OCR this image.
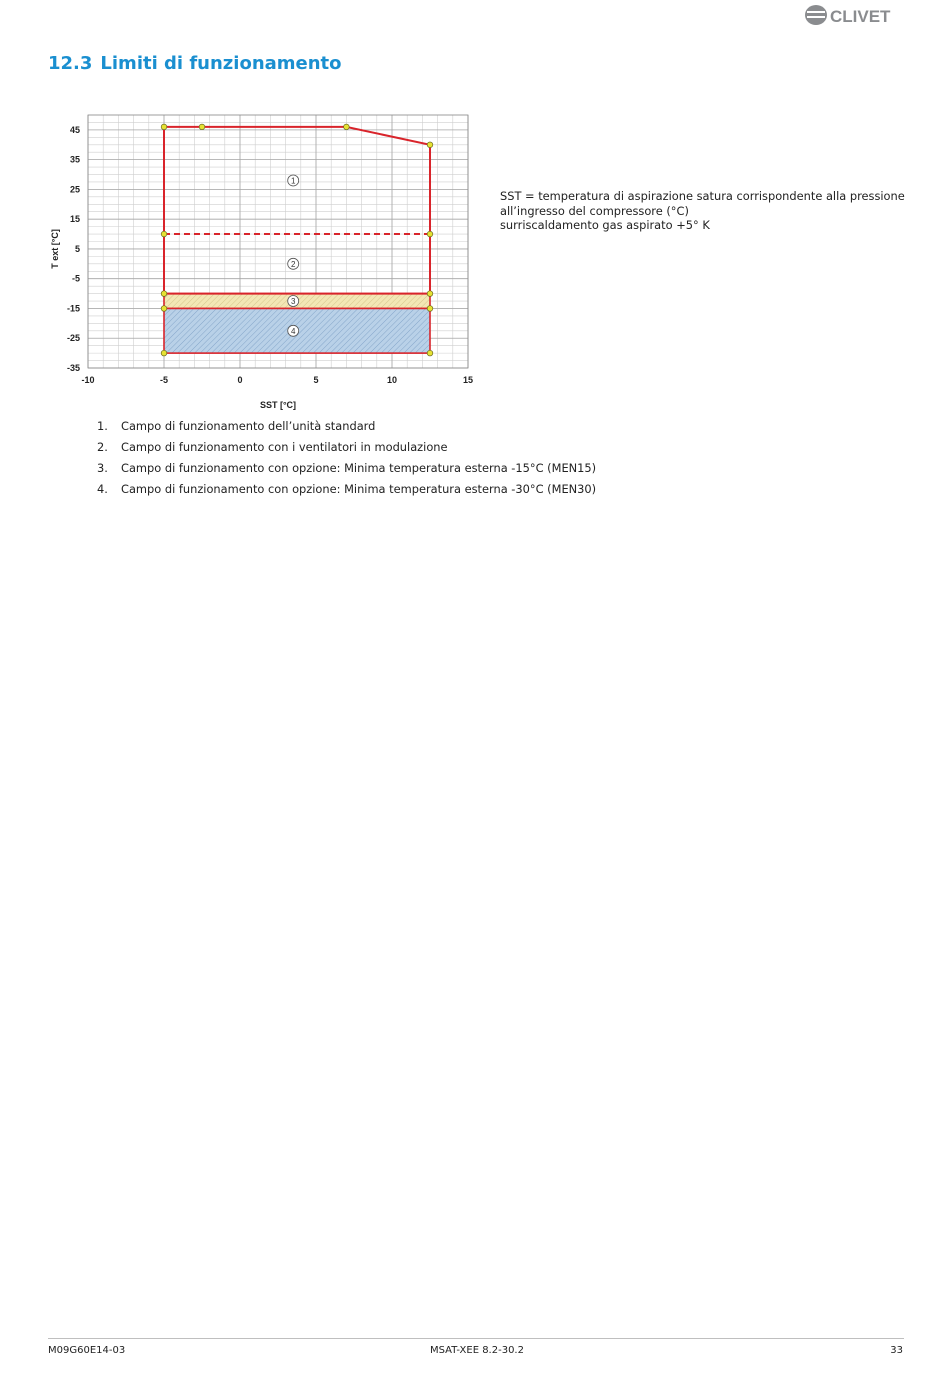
CLIVET
12.3 Limiti di funzionamento
1
2
3
4
-10	-5	0	5	10	15
45
35
25
15
5
-5
-15
-25
-35
SST [°C]
T ext [°C]
SST = temperatura di aspirazione satura corrispondente alla pressione
all’ingresso del compressore (°C)
surriscaldamento gas aspirato +5° K
1. Campo di funzionamento dell’unità standard
2. Campo di funzionamento con i ventilatori in modulazione
3. Campo di funzionamento con opzione: Minima temperatura esterna -15°C (MEN15)
4. Campo di funzionamento con opzione: Minima temperatura esterna -30°C (MEN30)
M09G60E14-03	MSAT-XEE 8.2-30.2	33
